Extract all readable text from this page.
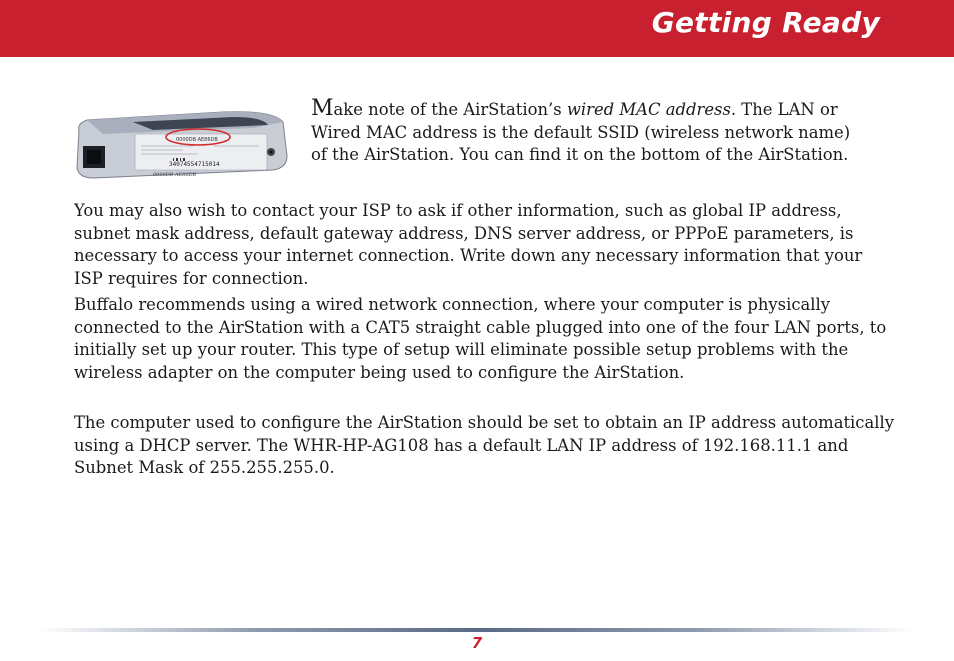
Getting Ready
0000DB AE86DB
34074554715014
0000DB AE86DB

Make note of the AirStation’s wired MAC address. The LAN or Wired MAC address is the default SSID (wireless network name) of the AirStation. You can find it on the bottom of the AirStation.

You may also wish to contact your ISP to ask if other information, such as global IP address, subnet mask address, default gateway address, DNS server address, or PPPoE parameters, is necessary to access your internet connection. Write down any necessary information that your ISP requires for connection.

Buffalo recommends using a wired network connection, where your computer is physically connected to the AirStation with a CAT5 straight cable plugged into one of the four LAN ports, to initially set up your router. This type of setup will eliminate possible setup problems with the wireless adapter on the computer being used to configure the AirStation.

The computer used to configure the AirStation should be set to obtain an IP address automatically using a DHCP server. The WHR-HP-AG108 has a default LAN IP address of 192.168.11.1 and Subnet Mask of 255.255.255.0.

7
